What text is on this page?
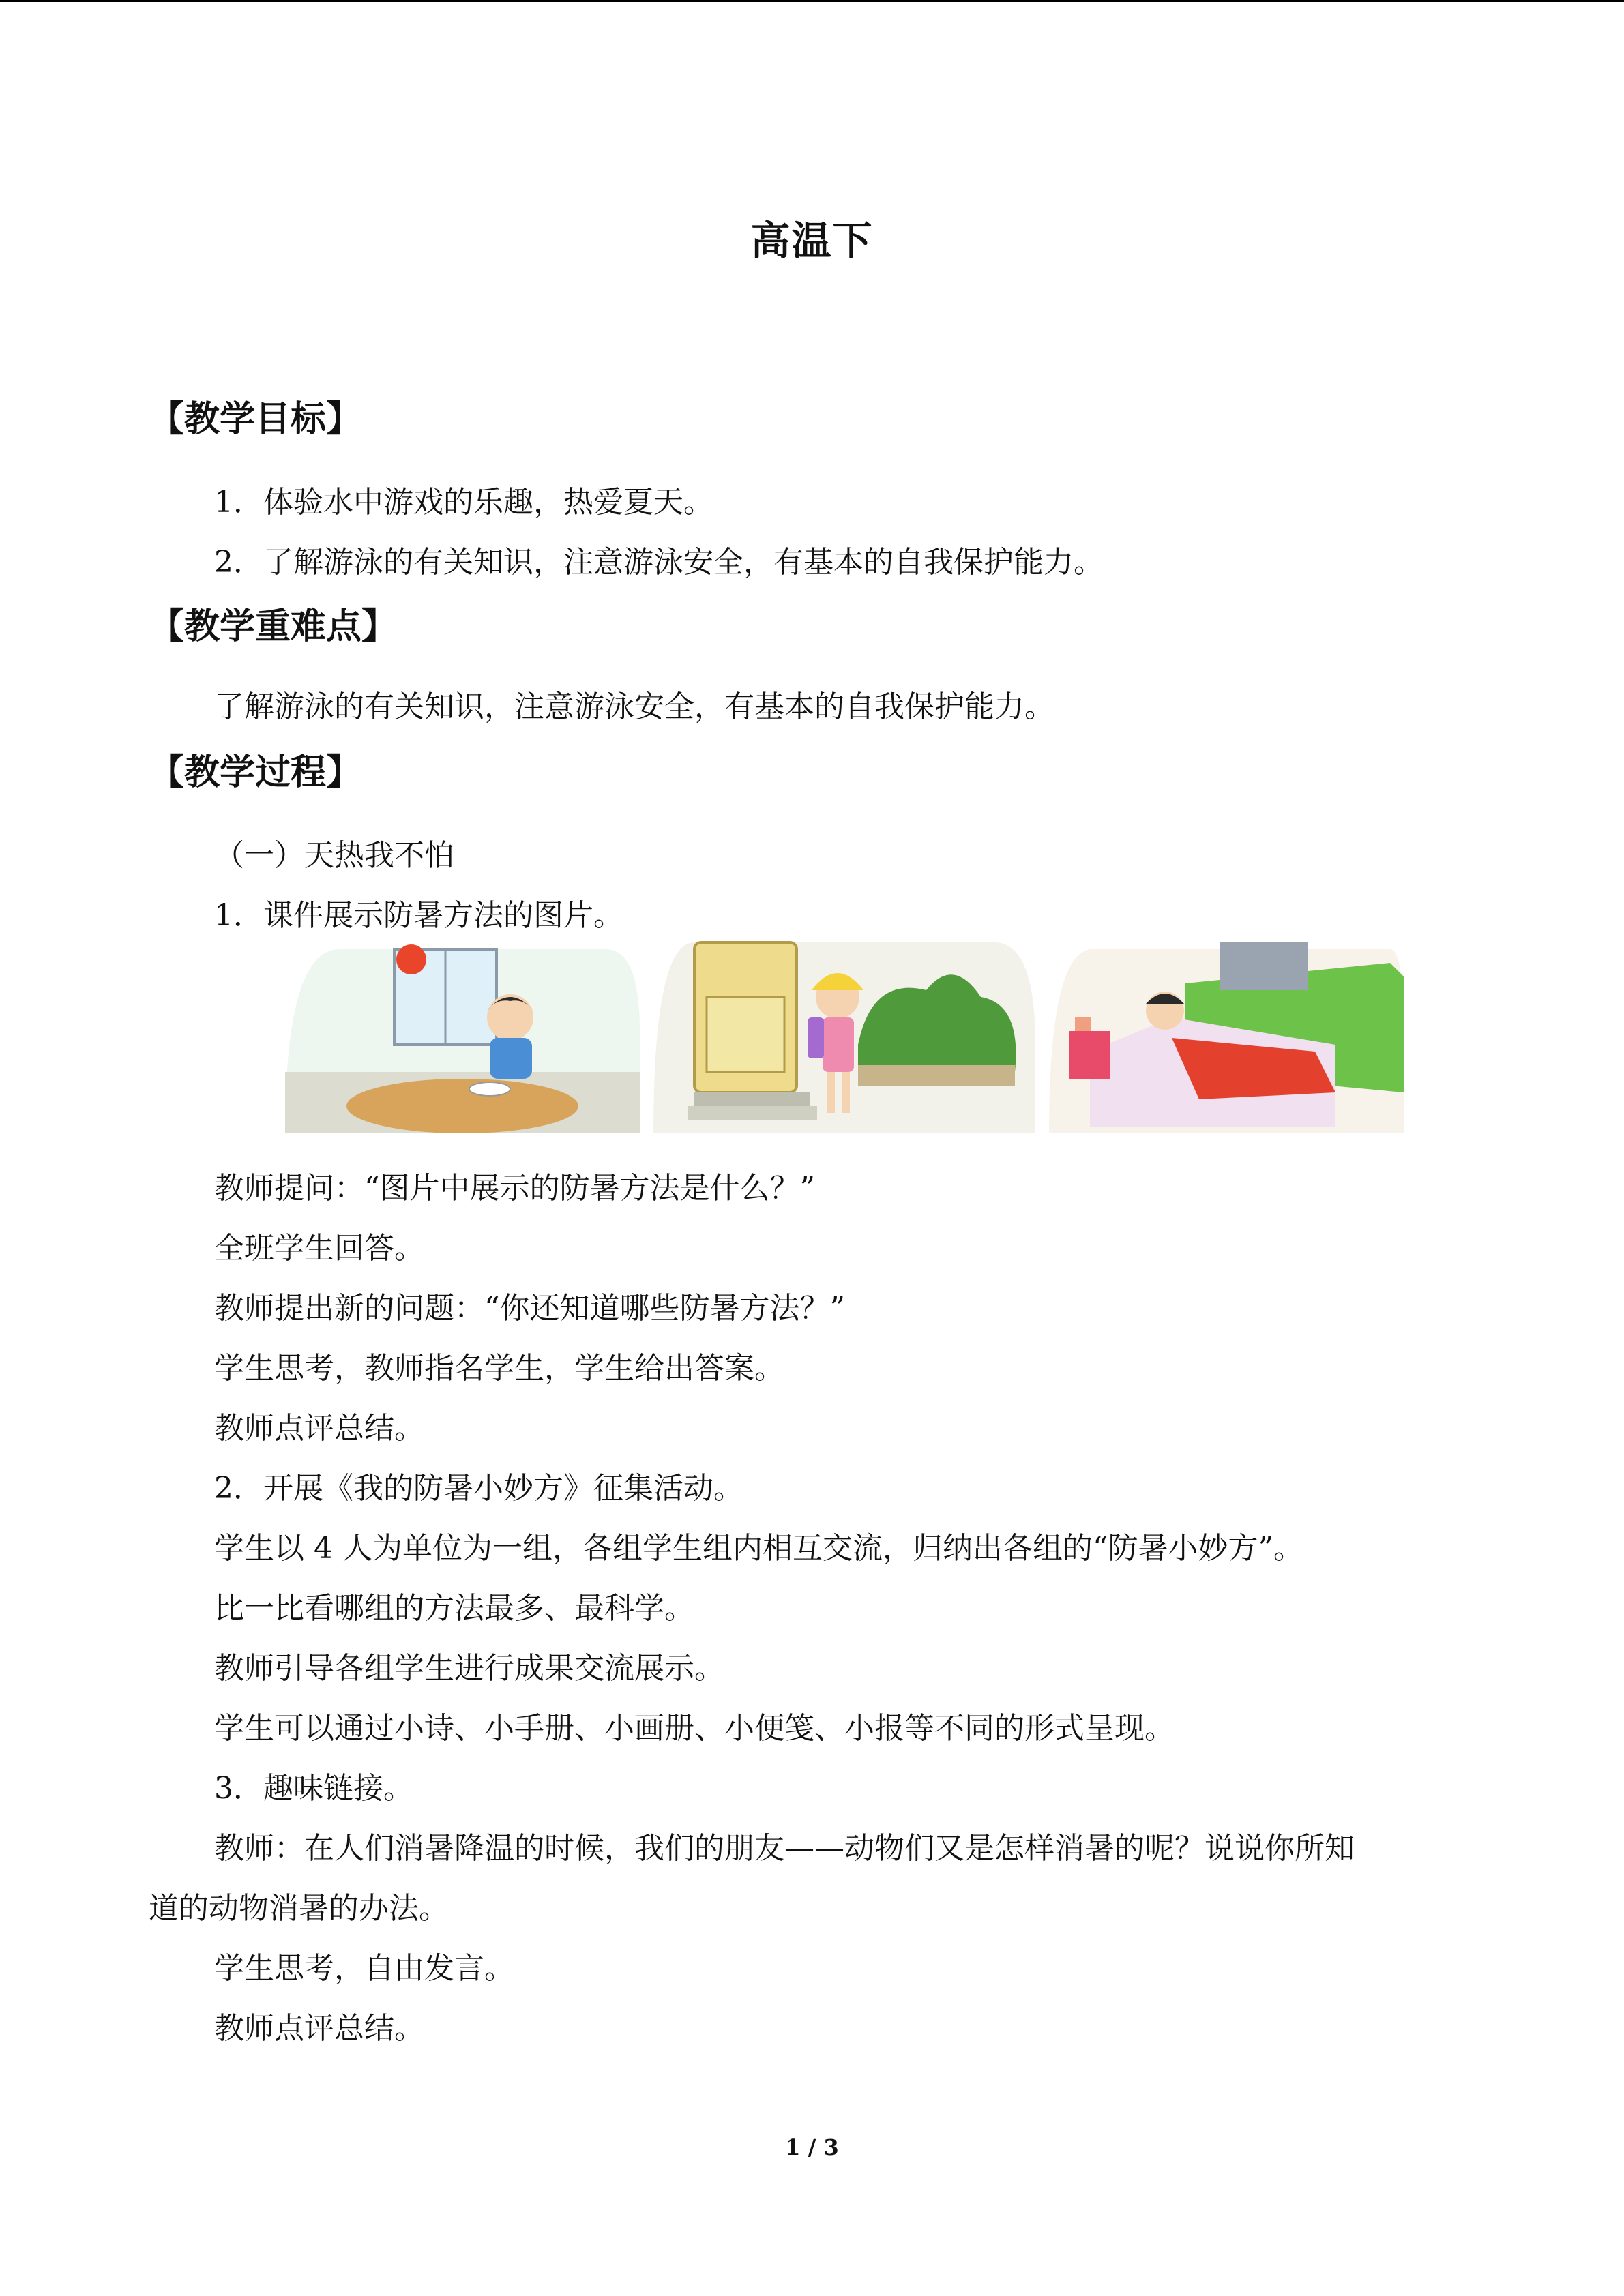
高温下
【教学目标】
1．体验水中游戏的乐趣，热爱夏天。
2．了解游泳的有关知识，注意游泳安全，有基本的自我保护能力。
【教学重难点】
了解游泳的有关知识，注意游泳安全，有基本的自我保护能力。
【教学过程】
（一）天热我不怕
1．课件展示防暑方法的图片。
教师提问：“图片中展示的防暑方法是什么？”
全班学生回答。
教师提出新的问题：“你还知道哪些防暑方法？”
学生思考，教师指名学生，学生给出答案。
教师点评总结。
2．开展《我的防暑小妙方》征集活动。
学生以 4 人为单位为一组，各组学生组内相互交流，归纳出各组的“防暑小妙方”。
比一比看哪组的方法最多、最科学。
教师引导各组学生进行成果交流展示。
学生可以通过小诗、小手册、小画册、小便笺、小报等不同的形式呈现。
3．趣味链接。
教师：在人们消暑降温的时候，我们的朋友——动物们又是怎样消暑的呢？说说你所知
道的动物消暑的办法。
学生思考，自由发言。
教师点评总结。
1 / 3
